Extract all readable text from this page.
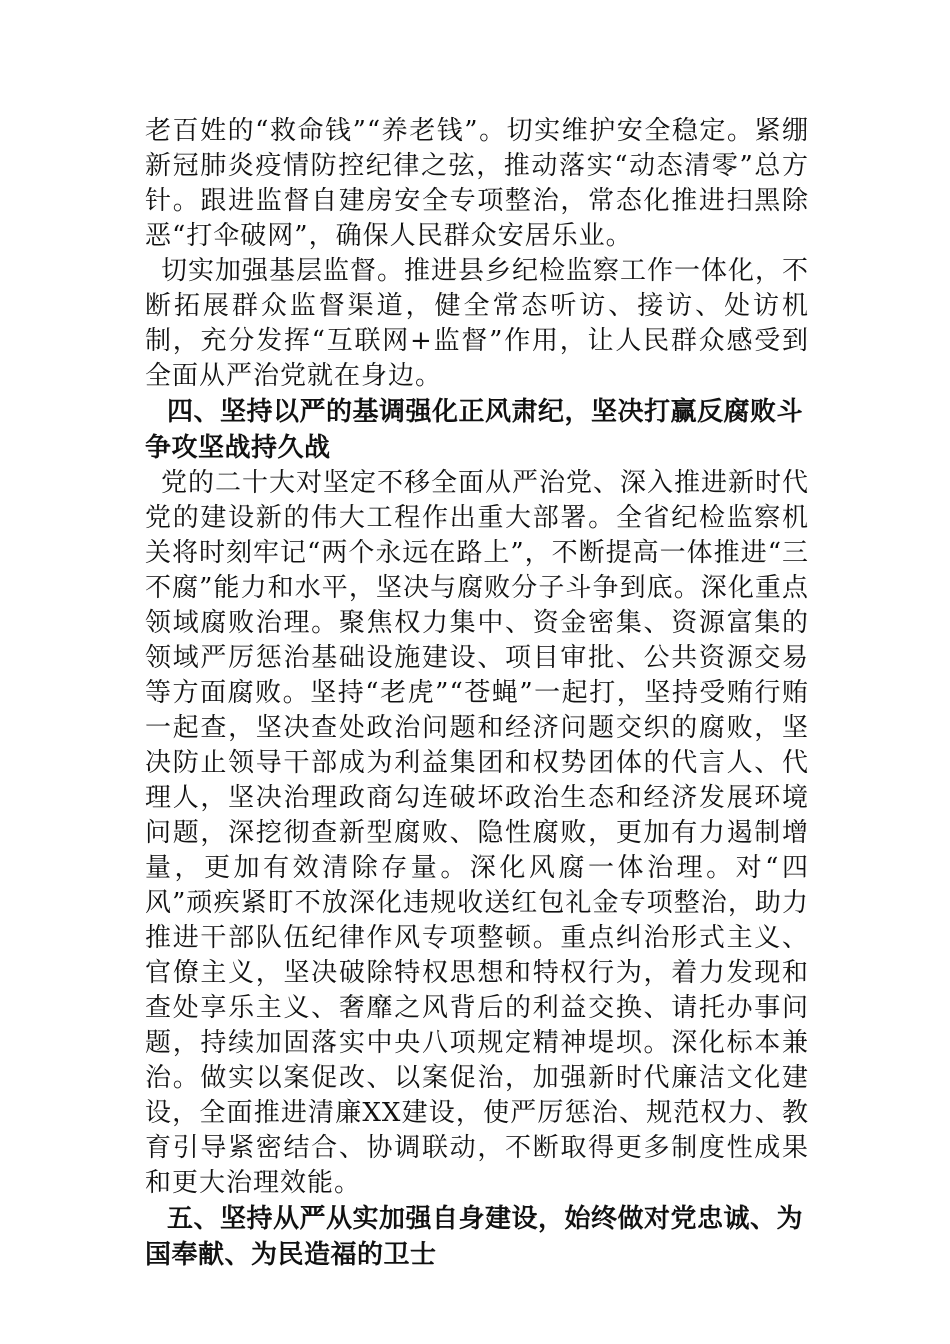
老百姓的“救命钱”“养老钱”。切实维护安全稳定。紧绷新冠肺炎疫情防控纪律之弦，推动落实“动态清零”总方针。跟进监督自建房安全专项整治，常态化推进扫黑除恶“打伞破网”，确保人民群众安居乐业。

切实加强基层监督。推进县乡纪检监察工作一体化，不断拓展群众监督渠道，健全常态听访、接访、处访机制，充分发挥“互联网+监督”作用，让人民群众感受到全面从严治党就在身边。

四、坚持以严的基调强化正风肃纪，坚决打赢反腐败斗争攻坚战持久战

党的二十大对坚定不移全面从严治党、深入推进新时代党的建设新的伟大工程作出重大部署。全省纪检监察机关将时刻牢记“两个永远在路上”，不断提高一体推进“三不腐”能力和水平，坚决与腐败分子斗争到底。深化重点领域腐败治理。聚焦权力集中、资金密集、资源富集的领域严厉惩治基础设施建设、项目审批、公共资源交易等方面腐败。坚持“老虎”“苍蝇”一起打，坚持受贿行贿一起查，坚决查处政治问题和经济问题交织的腐败，坚决防止领导干部成为利益集团和权势团体的代言人、代理人，坚决治理政商勾连破坏政治生态和经济发展环境问题，深挖彻查新型腐败、隐性腐败，更加有力遏制增量，更加有效清除存量。深化风腐一体治理。对“四风”顽疾紧盯不放深化违规收送红包礼金专项整治，助力推进干部队伍纪律作风专项整顿。重点纠治形式主义、官僚主义，坚决破除特权思想和特权行为，着力发现和查处享乐主义、奢靡之风背后的利益交换、请托办事问题，持续加固落实中央八项规定精神堤坝。深化标本兼治。做实以案促改、以案促治，加强新时代廉洁文化建设，全面推进清廉XX建设，使严厉惩治、规范权力、教育引导紧密结合、协调联动，不断取得更多制度性成果和更大治理效能。

五、坚持从严从实加强自身建设，始终做对党忠诚、为国奉献、为民造福的卫士
